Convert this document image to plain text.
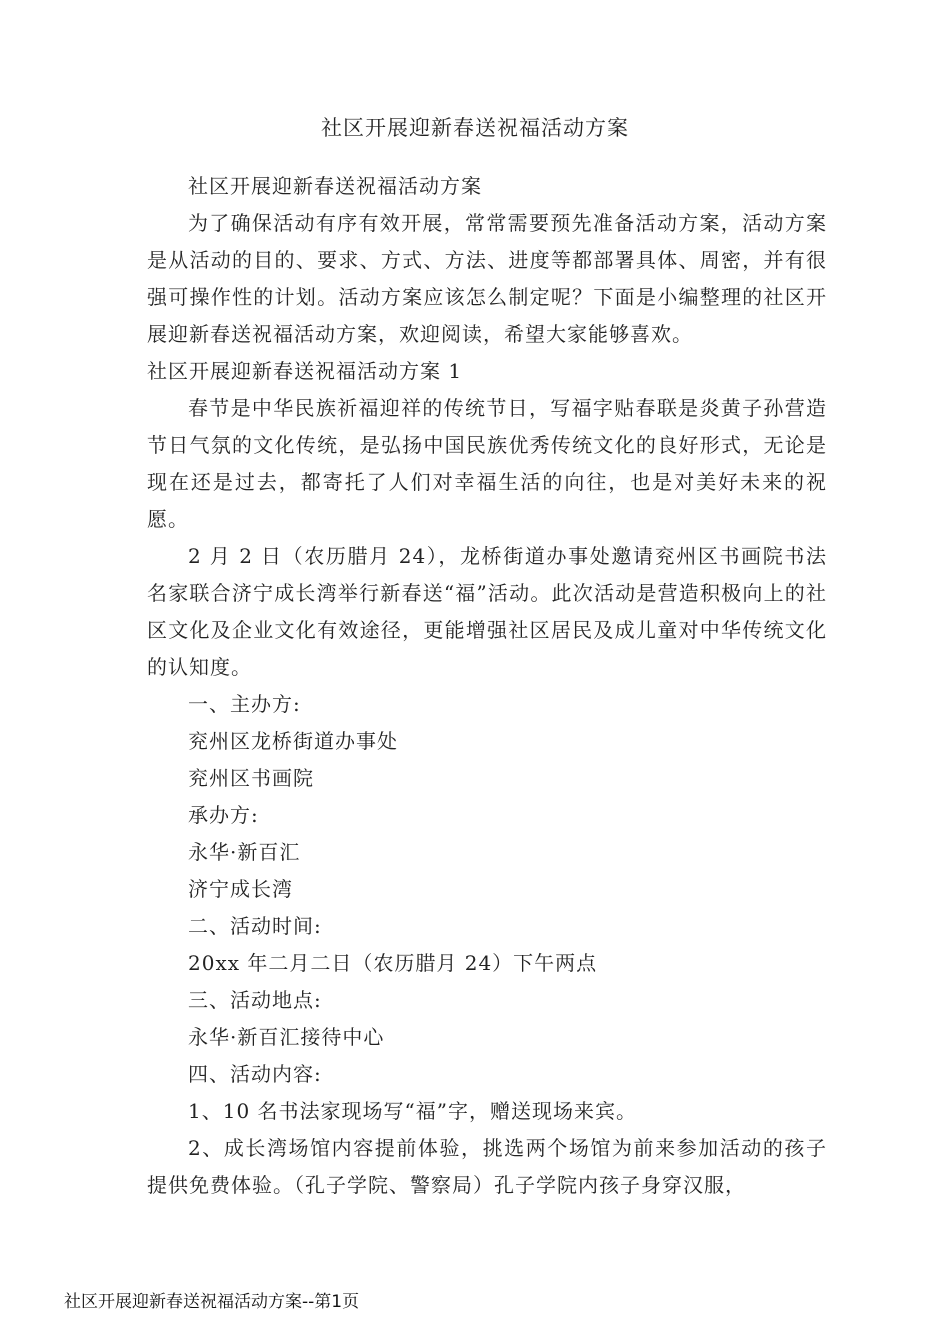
社区开展迎新春送祝福活动方案

社区开展迎新春送祝福活动方案

为了确保活动有序有效开展，常常需要预先准备活动方案，活动方案是从活动的目的、要求、方式、方法、进度等都部署具体、周密，并有很强可操作性的计划。活动方案应该怎么制定呢？下面是小编整理的社区开展迎新春送祝福活动方案，欢迎阅读，希望大家能够喜欢。

社区开展迎新春送祝福活动方案 1

春节是中华民族祈福迎祥的传统节日，写福字贴春联是炎黄子孙营造节日气氛的文化传统，是弘扬中国民族优秀传统文化的良好形式，无论是现在还是过去，都寄托了人们对幸福生活的向往，也是对美好未来的祝愿。

2 月 2 日（农历腊月 24），龙桥街道办事处邀请兖州区书画院书法名家联合济宁成长湾举行新春送“福”活动。此次活动是营造积极向上的社区文化及企业文化有效途径，更能增强社区居民及成儿童对中华传统文化的认知度。

一、主办方:

兖州区龙桥街道办事处

兖州区书画院

承办方:

永华·新百汇

济宁成长湾

二、活动时间:

20xx 年二月二日（农历腊月 24）下午两点

三、活动地点:

永华·新百汇接待中心

四、活动内容:

1、10 名书法家现场写“福”字，赠送现场来宾。

2、成长湾场馆内容提前体验，挑选两个场馆为前来参加活动的孩子提供免费体验。（孔子学院、警察局）孔子学院内孩子身穿汉服，

社区开展迎新春送祝福活动方案--第1页
